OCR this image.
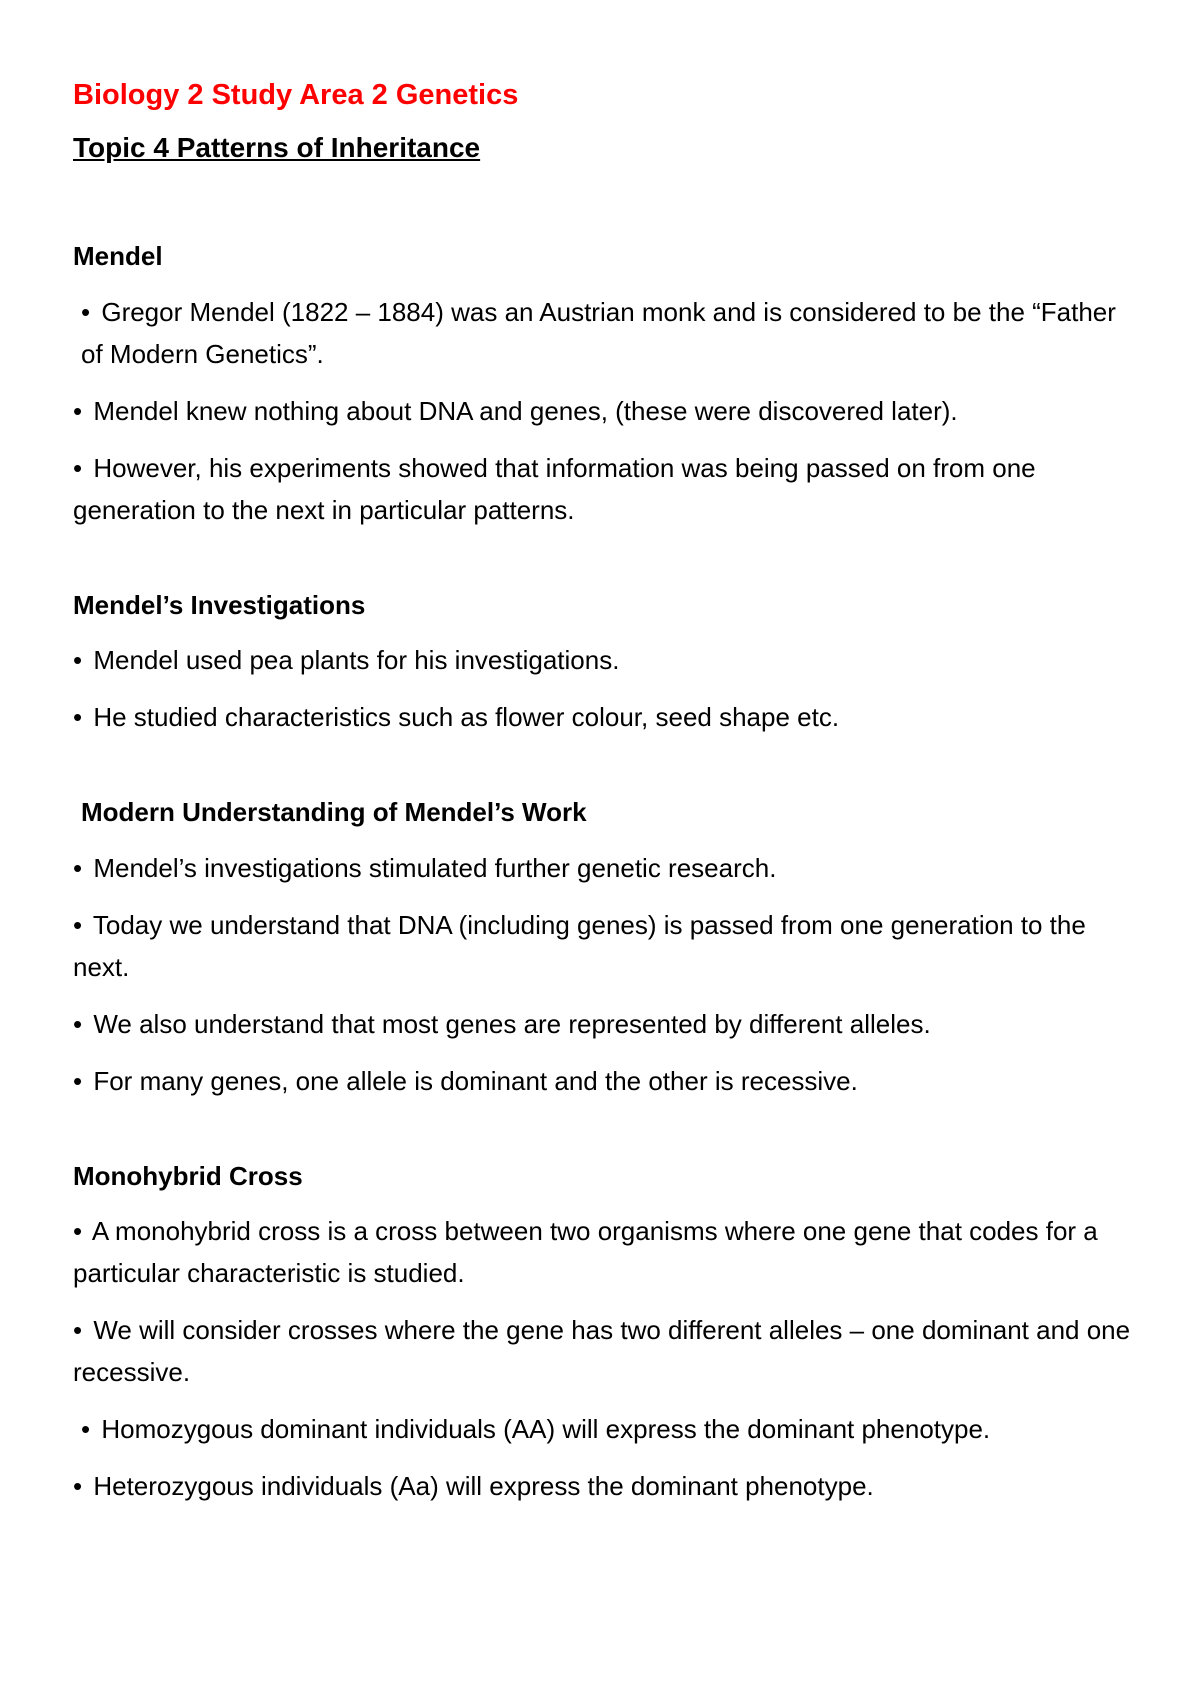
Biology 2 Study Area 2 Genetics
Topic 4 Patterns of Inheritance
Mendel
• Gregor Mendel (1822 – 1884) was an Austrian monk and is considered to be the “Father of Modern Genetics”.
• Mendel knew nothing about DNA and genes, (these were discovered later).
• However, his experiments showed that information was being passed on from one generation to the next in particular patterns.
Mendel’s Investigations
• Mendel used pea plants for his investigations.
• He studied characteristics such as flower colour, seed shape etc.
Modern Understanding of Mendel’s Work
• Mendel’s investigations stimulated further genetic research.
• Today we understand that DNA (including genes) is passed from one generation to the next.
• We also understand that most genes are represented by different alleles.
• For many genes, one allele is dominant and the other is recessive.
Monohybrid Cross
• A monohybrid cross is a cross between two organisms where one gene that codes for a particular characteristic is studied.
• We will consider crosses where the gene has two different alleles – one dominant and one recessive.
• Homozygous dominant individuals (AA) will express the dominant phenotype.
• Heterozygous individuals (Aa) will express the dominant phenotype.
